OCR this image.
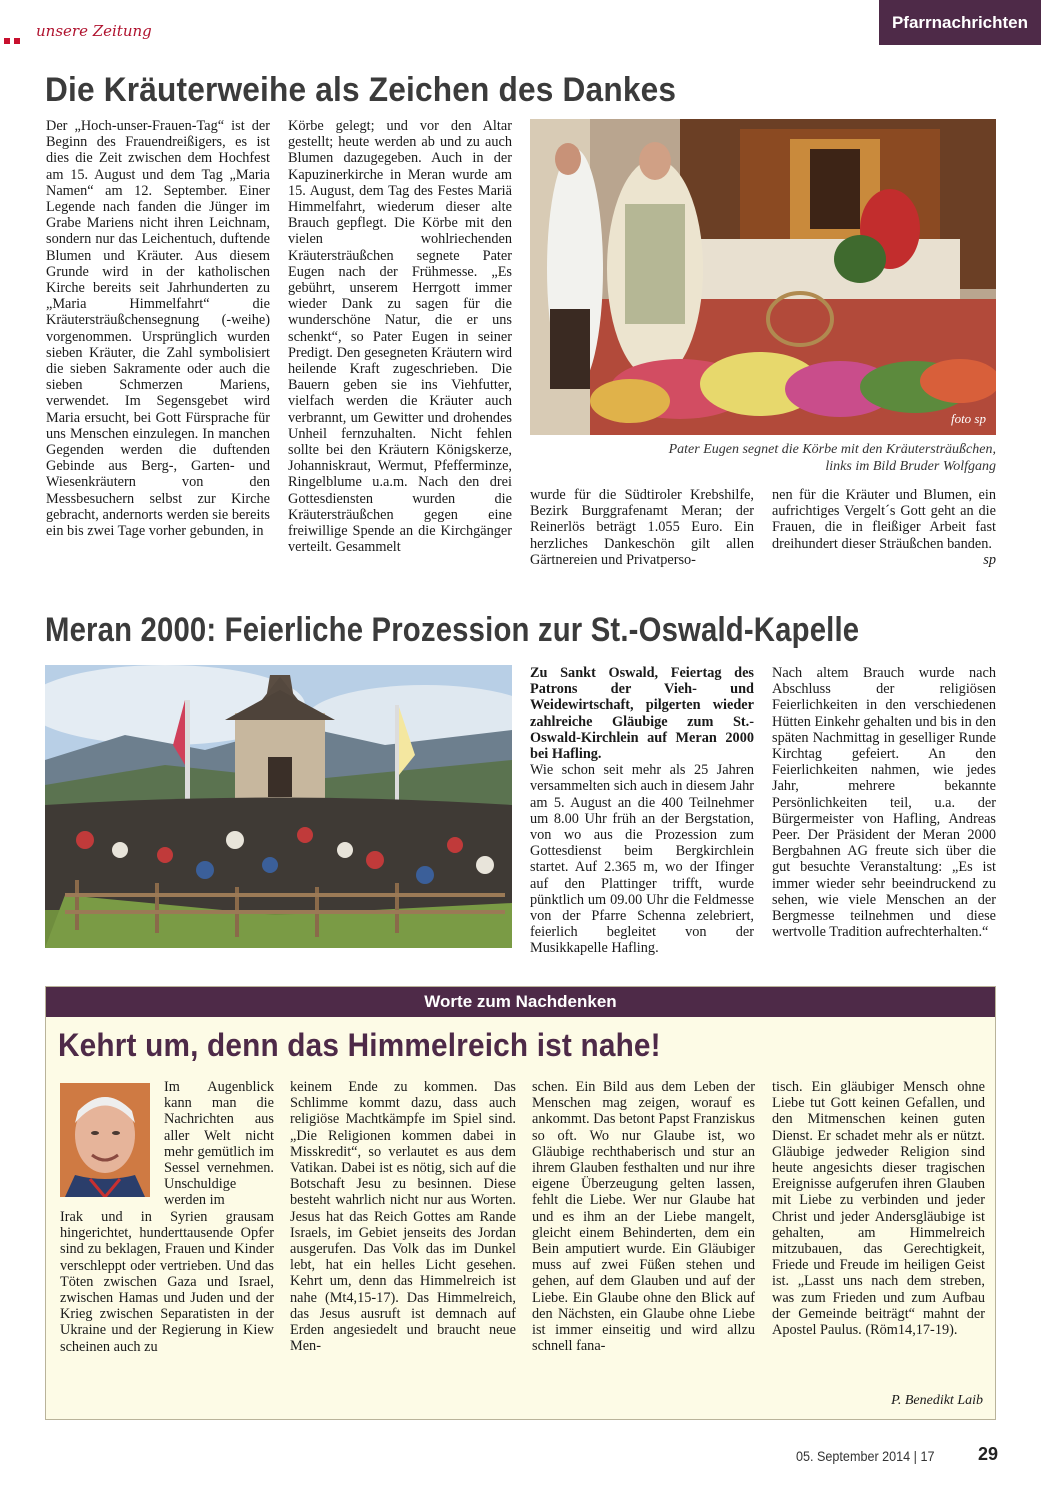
unsere Zeitung	Pfarrnachrichten
Die Kräuterweihe als Zeichen des Dankes

Der „Hoch-unser-Frauen-Tag“ ist der Beginn des Frauendreißigers, es ist dies die Zeit zwischen dem Hochfest am 15. August und dem Tag „Maria Namen“ am 12. September. Einer Legende nach fanden die Jünger im Grabe Mariens nicht ihren Leichnam, sondern nur das Leichentuch, duftende Blumen und Kräuter. Aus diesem Grunde wird in der katholischen Kirche bereits seit Jahrhunderten zu „Maria Himmelfahrt“ die Kräutersträußchensegnung (-weihe) vorgenommen. Ursprünglich wurden sieben Kräuter, die Zahl symbolisiert die sieben Sakramente oder auch die sieben Schmerzen Mariens, verwendet. Im Segensgebet wird Maria ersucht, bei Gott Fürsprache für uns Menschen einzulegen. In manchen Gegenden werden die duftenden Gebinde aus Berg-, Garten- und Wiesenkräutern von den Messbesuchern selbst zur Kirche gebracht, andernorts werden sie bereits ein bis zwei Tage vorher gebunden, in

Körbe gelegt; und vor den Altar gestellt; heute werden ab und zu auch Blumen dazugegeben. Auch in der Kapuzinerkirche in Meran wurde am 15. August, dem Tag des Festes Mariä Himmelfahrt, wiederum dieser alte Brauch gepflegt. Die Körbe mit den vielen wohlriechenden Kräutersträußchen segnete Pater Eugen nach der Frühmesse. „Es gebührt, unserem Herrgott immer wieder Dank zu sagen für die wunderschöne Natur, die er uns schenkt“, so Pater Eugen in seiner Predigt. Den gesegneten Kräutern wird heilende Kraft zugeschrieben. Die Bauern geben sie ins Viehfutter, vielfach werden die Kräuter auch verbrannt, um Gewitter und drohendes Unheil fernzuhalten. Nicht fehlen sollte bei den Kräutern Königskerze, Johanniskraut, Wermut, Pfefferminze, Ringelblume u.a.m. Nach den drei Gottesdiensten wurden die Kräutersträußchen gegen eine freiwillige Spende an die Kirchgänger verteilt. Gesammelt

foto sp
Pater Eugen segnet die Körbe mit den Kräutersträußchen,
links im Bild Bruder Wolfgang

wurde für die Südtiroler Krebshilfe, Bezirk Burggrafenamt Meran; der Reinerlös beträgt 1.055 Euro. Ein herzliches Dankeschön gilt allen Gärtnereien und Privatperso-

nen für die Kräuter und Blumen, ein aufrichtiges Vergelt´s Gott geht an die Frauen, die in fleißiger Arbeit fast dreihundert dieser Sträußchen banden.
sp

Meran 2000: Feierliche Prozession zur St.-Oswald-Kapelle

Zu Sankt Oswald, Feiertag des Patrons der Vieh- und Weidewirtschaft, pilgerten wieder zahlreiche Gläubige zum St.-Oswald-Kirchlein auf Meran 2000 bei Hafling.

Wie schon seit mehr als 25 Jahren versammelten sich auch in diesem Jahr am 5. August an die 400 Teilnehmer um 8.00 Uhr früh an der Bergstation, von wo aus die Prozession zum Gottesdienst beim Bergkirchlein startet. Auf 2.365 m, wo der Ifinger auf den Plattinger trifft, wurde pünktlich um 09.00 Uhr die Feldmesse von der Pfarre Schenna zelebriert, feierlich begleitet von der Musikkapelle Hafling.

Nach altem Brauch wurde nach Abschluss der religiösen Feierlichkeiten in den verschiedenen Hütten Einkehr gehalten und bis in den späten Nachmittag in geselliger Runde Kirchtag gefeiert. An den Feierlichkeiten nahmen, wie jedes Jahr, mehrere bekannte Persönlichkeiten teil, u.a. der Bürgermeister von Hafling, Andreas Peer. Der Präsident der Meran 2000 Bergbahnen AG freute sich über die gut besuchte Veranstaltung: „Es ist immer wieder sehr beeindruckend zu sehen, wie viele Menschen an der Bergmesse teilnehmen und diese wertvolle Tradition aufrechterhalten.“

Worte zum Nachdenken
Kehrt um, denn das Himmelreich ist nahe!

Im Augenblick kann man die Nachrichten aus aller Welt nicht mehr gemütlich im Sessel vernehmen. Unschuldige werden im

Irak und in Syrien grausam hingerichtet, hunderttausende Opfer sind zu beklagen, Frauen und Kinder verschleppt oder vertrieben. Und das Töten zwischen Gaza und Israel, zwischen Hamas und Juden und der Krieg zwischen Separatisten in der Ukraine und der Regierung in Kiew scheinen auch zu

keinem Ende zu kommen. Das Schlimme kommt dazu, dass auch religiöse Machtkämpfe im Spiel sind. „Die Religionen kommen dabei in Misskredit“, so verlautet es aus dem Vatikan. Dabei ist es nötig, sich auf die Botschaft Jesu zu besinnen. Diese besteht wahrlich nicht nur aus Worten. Jesus hat das Reich Gottes am Rande Israels, im Gebiet jenseits des Jordan ausgerufen. Das Volk das im Dunkel lebt, hat ein helles Licht gesehen. Kehrt um, denn das Himmelreich ist nahe (Mt4,15-17). Das Himmelreich, das Jesus ausruft ist demnach auf Erden angesiedelt und braucht neue Men-

schen. Ein Bild aus dem Leben der Menschen mag zeigen, worauf es ankommt. Das betont Papst Franziskus so oft. Wo nur Glaube ist, wo Gläubige rechthaberisch und stur an ihrem Glauben festhalten und nur ihre eigene Überzeugung gelten lassen, fehlt die Liebe. Wer nur Glaube hat und es ihm an der Liebe mangelt, gleicht einem Behinderten, dem ein Bein amputiert wurde. Ein Gläubiger muss auf zwei Füßen stehen und gehen, auf dem Glauben und auf der Liebe. Ein Glaube ohne den Blick auf den Nächsten, ein Glaube ohne Liebe ist immer einseitig und wird allzu schnell fana-

tisch. Ein gläubiger Mensch ohne Liebe tut Gott keinen Gefallen, und den Mitmenschen keinen guten Dienst. Er schadet mehr als er nützt. Gläubige jedweder Religion sind heute angesichts dieser tragischen Ereignisse aufgerufen ihren Glauben mit Liebe zu verbinden und jeder Christ und jeder Andersgläubige ist gehalten, am Himmelreich mitzubauen, das Gerechtigkeit, Friede und Freude im heiligen Geist ist. „Lasst uns nach dem streben, was zum Frieden und zum Aufbau der Gemeinde beiträgt“ mahnt der Apostel Paulus. (Röm14,17-19).

P. Benedikt Laib
05. September 2014 | 17 29
